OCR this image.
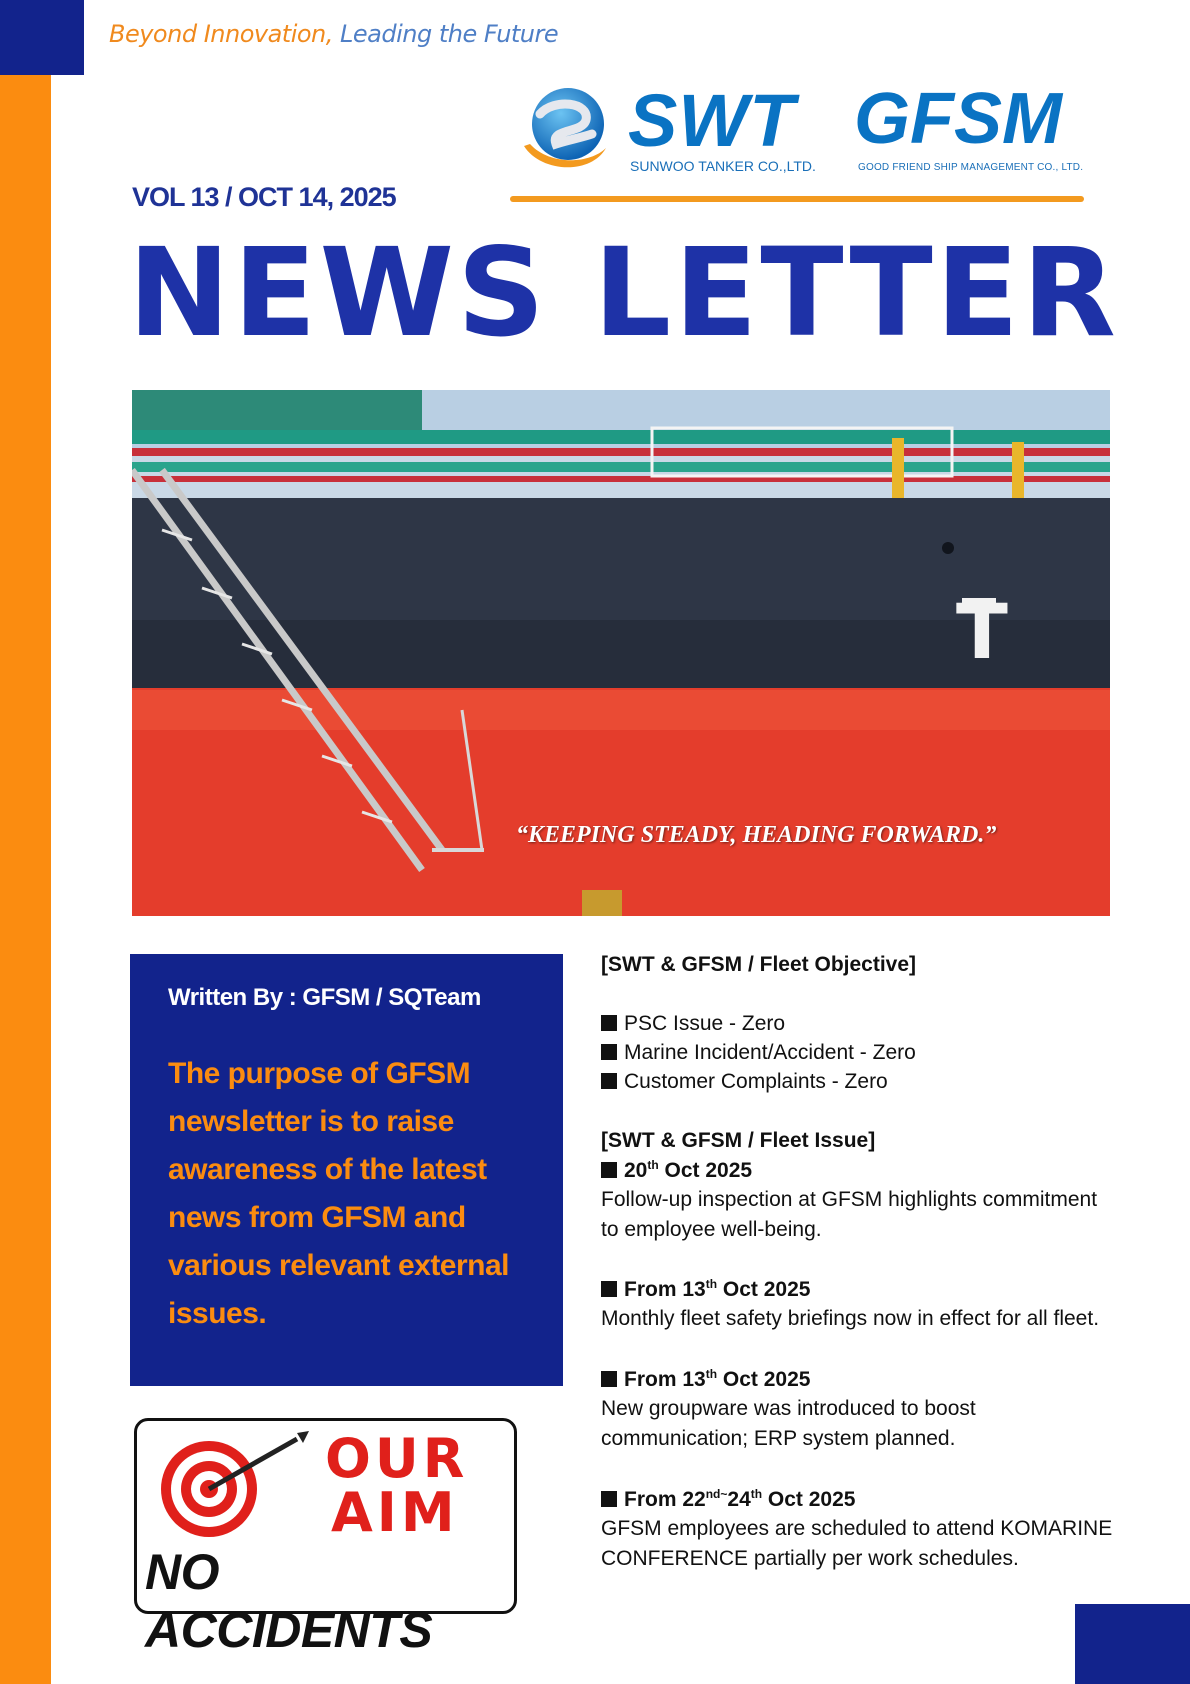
Beyond Innovation, Leading the Future
SWT
SUNWOO TANKER CO.,LTD.
GFSM
GOOD FRIEND SHIP MANAGEMENT CO., LTD.
VOL 13 / OCT 14, 2025
NEWS LETTER
T
“KEEPING STEADY, HEADING FORWARD.”
Written By : GFSM / SQTeam
The purpose of GFSM newsletter is to raise awareness of the latest news from GFSM and various relevant external issues.
OUR
AIM
NO ACCIDENTS
[SWT & GFSM / Fleet Objective]
PSC Issue - Zero
Marine Incident/Accident - Zero
Customer Complaints - Zero
[SWT & GFSM / Fleet Issue]
20th Oct 2025
Follow-up inspection at GFSM highlights commitment
to employee well-being.
From 13th Oct 2025
Monthly fleet safety briefings now in effect for all fleet.
From 13th Oct 2025
New groupware was introduced to boost
communication; ERP system planned.
From $22^{nd\sim}24th$ Oct 2025
GFSM employees are scheduled to attend KOMARINE
CONFERENCE partially per work schedules.
